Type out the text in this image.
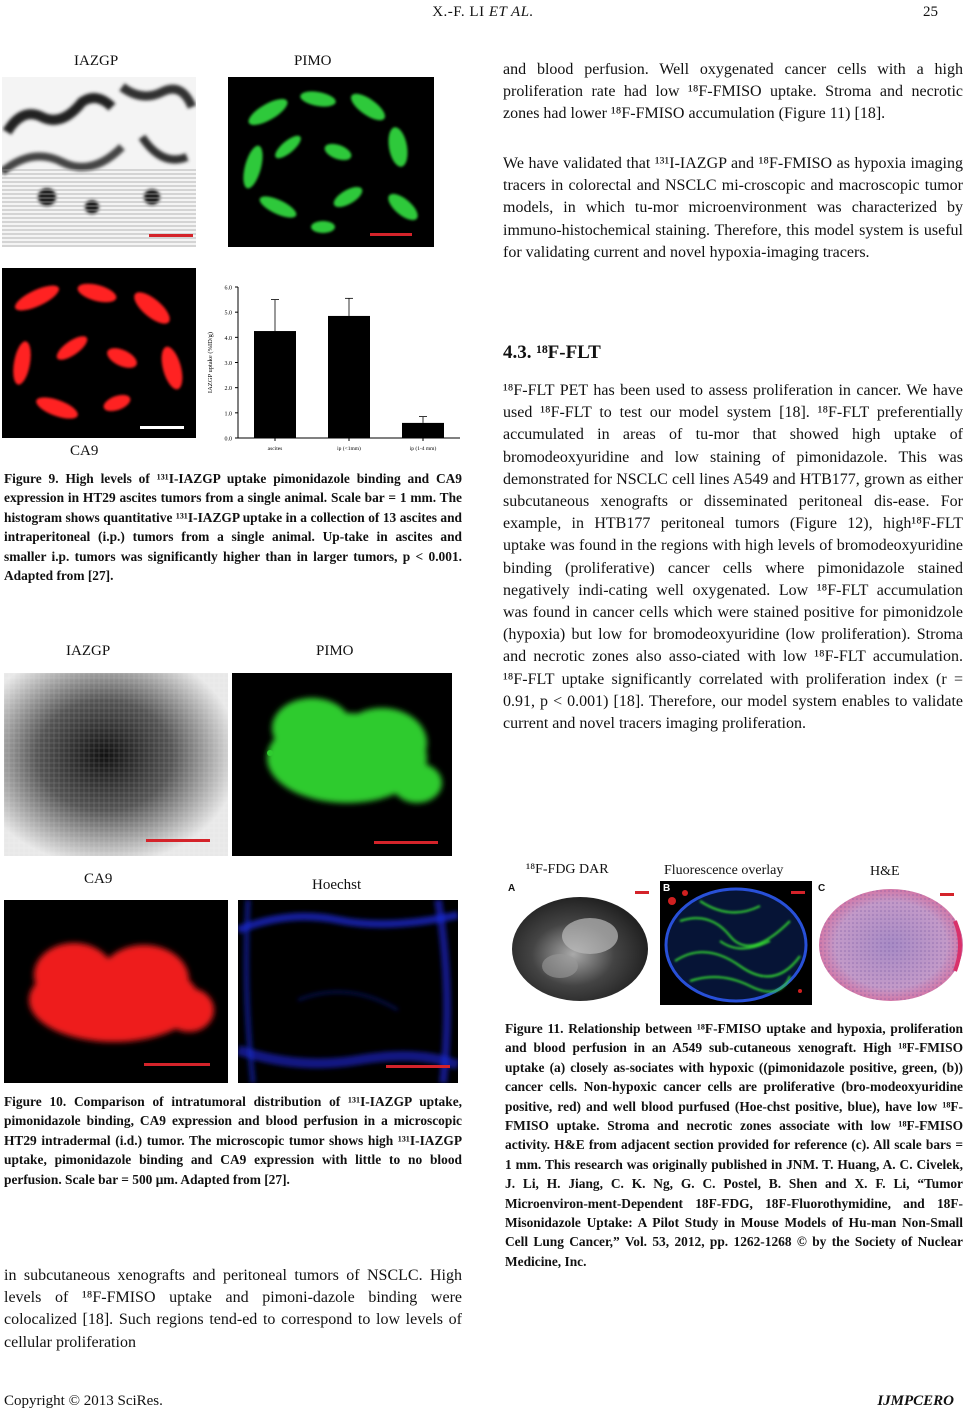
X.-F. LI ET AL.	25
IAZGP	PIMO
CA9
0.0
1.0
2.0
3.0
4.0
5.0
6.0
IAZGP uptake (%ID/g)
ascites	ip (<1mm)	ip (1-4 mm)
Figure 9. High levels of ¹³¹I-IAZGP uptake pimonidazole binding and CA9 expression in HT29 ascites tumors from a single animal. Scale bar = 1 mm. The histogram shows quantitative ¹³¹I-IAZGP uptake in a collection of 13 ascites and intraperitoneal (i.p.) tumors from a single animal. Up-take in ascites and smaller i.p. tumors was significantly higher than in larger tumors, p < 0.001. Adapted from [27].
IAZGP	PIMO
CA9	Hoechst
Figure 10. Comparison of intratumoral distribution of ¹³¹I-IAZGP uptake, pimonidazole binding, CA9 expression and blood perfusion in a microscopic HT29 intradermal (i.d.) tumor. The microscopic tumor shows high ¹³¹I-IAZGP uptake, pimonidazole binding and CA9 expression with little to no blood perfusion. Scale bar = 500 μm. Adapted from [27].
in subcutaneous xenografts and peritoneal tumors of NSCLC. High levels of ¹⁸F-FMISO uptake and pimoni-dazole binding were colocalized [18]. Such regions tend-ed to correspond to low levels of cellular proliferation
and blood perfusion. Well oxygenated cancer cells with a high proliferation rate had low ¹⁸F-FMISO uptake. Stroma and necrotic zones had lower ¹⁸F-FMISO accumulation (Figure 11) [18].
We have validated that ¹³¹I-IAZGP and ¹⁸F-FMISO as hypoxia imaging tracers in colorectal and NSCLC mi-croscopic and macroscopic tumor models, in which tu-mor microenvironment was characterized by immuno-histochemical staining. Therefore, this model system is useful for validating current and novel hypoxia-imaging tracers.
4.3. ¹⁸F-FLT
¹⁸F-FLT PET has been used to assess proliferation in cancer. We have used ¹⁸F-FLT to test our model system [18]. ¹⁸F-FLT preferentially accumulated in areas of tu-mor that showed high uptake of bromodeoxyuridine and low staining of pimonidazole. This was demonstrated for NSCLC cell lines A549 and HTB177, grown as either subcutaneous xenografts or disseminated peritoneal dis-ease. For example, in HTB177 peritoneal tumors (Figure 12), high¹⁸F-FLT uptake was found in the regions with high levels of bromodeoxyuridine binding (proliferative) cancer cells where pimonidazole stained negatively indi-cating well oxygenated. Low ¹⁸F-FLT accumulation was found in cancer cells which were stained positive for pimonidzole (hypoxia) but low for bromodeoxyuridine (low proliferation). Stroma and necrotic zones also asso-ciated with low ¹⁸F-FLT accumulation. ¹⁸F-FLT uptake significantly correlated with proliferation index (r = 0.91, p < 0.001) [18]. Therefore, our model system enables to validate current and novel tracers imaging proliferation.
¹⁸F-FDG DAR	Fluorescence overlay	H&E
A	B	C
Figure 11. Relationship between ¹⁸F-FMISO uptake and hypoxia, proliferation and blood perfusion in an A549 sub-cutaneous xenograft. High ¹⁸F-FMISO uptake (a) closely as-sociates with hypoxic ((pimonidazole positive, green, (b)) cancer cells. Non-hypoxic cancer cells are proliferative (bro-modeoxyuridine positive, red) and well blood purfused (Hoe-chst positive, blue), have low ¹⁸F-FMISO uptake. Stroma and necrotic zones associate with low ¹⁸F-FMISO activity. H&E from adjacent section provided for reference (c). All scale bars = 1 mm. This research was originally published in JNM. T. Huang, A. C. Civelek, J. Li, H. Jiang, C. K. Ng, G. C. Postel, B. Shen and X. F. Li, “Tumor Microenviron-ment-Dependent 18F-FDG, 18F-Fluorothymidine, and 18F-Misonidazole Uptake: A Pilot Study in Mouse Models of Hu-man Non-Small Cell Lung Cancer,” Vol. 53, 2012, pp. 1262-1268 © by the Society of Nuclear Medicine, Inc.
Copyright © 2013 SciRes.	IJMPCERO
